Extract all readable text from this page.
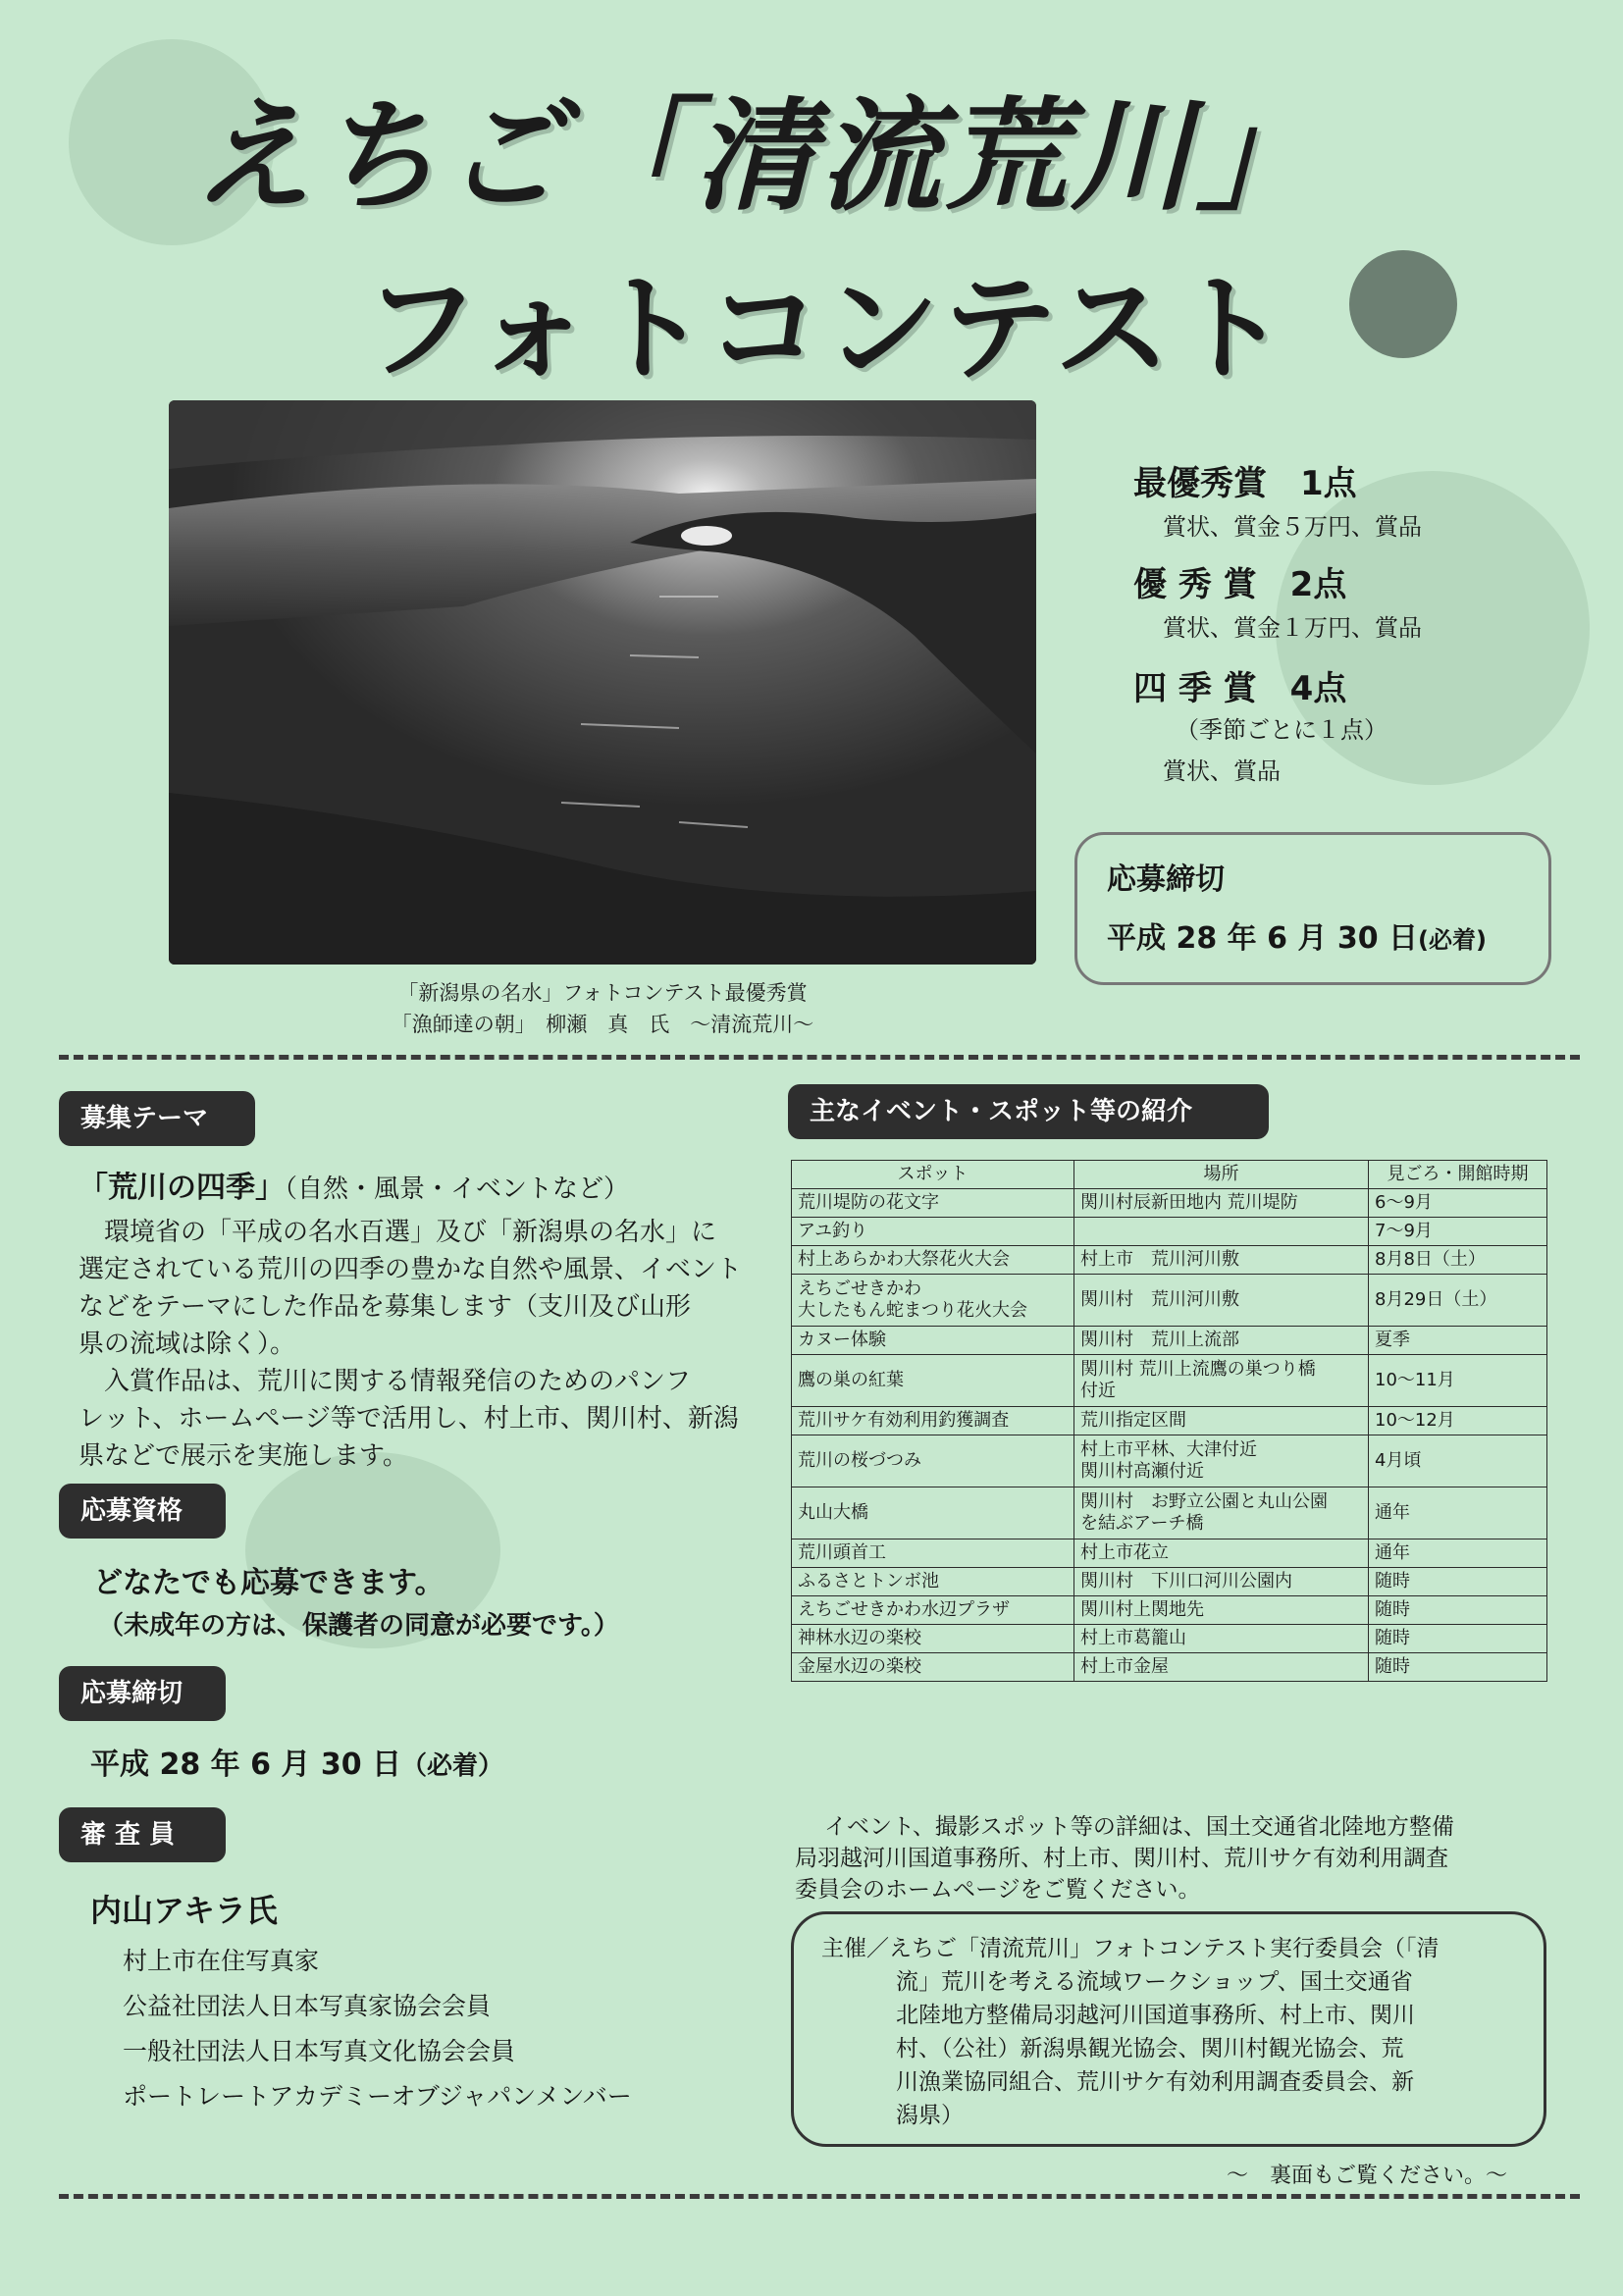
えちご「清流荒川」
フォトコンテスト
「新潟県の名水」フォトコンテスト最優秀賞
「漁師達の朝」　柳瀬　真　氏　～清流荒川～
最優秀賞　1点
賞状、賞金５万円、賞品
優 秀 賞　2点
賞状、賞金１万円、賞品
四 季 賞　4点
（季節ごとに１点）
賞状、賞品
応募締切
平成 28 年 6 月 30 日(必着)
募集テーマ
「荒川の四季」（自然・風景・イベントなど）
環境省の「平成の名水百選」及び「新潟県の名水」に
選定されている荒川の四季の豊かな自然や風景、イベント
などをテーマにした作品を募集します（支川及び山形
県の流域は除く）。
入賞作品は、荒川に関する情報発信のためのパンフ
レット、ホームページ等で活用し、村上市、関川村、新潟
県などで展示を実施します。
応募資格
どなたでも応募できます。
（未成年の方は、保護者の同意が必要です。）
応募締切
平成 28 年 6 月 30 日（必着）
審 査 員
内山アキラ氏
村上市在住写真家
公益社団法人日本写真家協会会員
一般社団法人日本写真文化協会会員
ポートレートアカデミーオブジャパンメンバー
主なイベント・スポット等の紹介
スポット	場所	見ごろ・開館時期

荒川堤防の花文字	関川村辰新田地内 荒川堤防	6～9月

アユ釣り		7～9月

村上あらかわ大祭花火大会	村上市　荒川河川敷	8月8日（土）

えちごせきかわ
大したもん蛇まつり花火大会	関川村　荒川河川敷	8月29日（土）

カヌー体験	関川村　荒川上流部	夏季

鷹の巣の紅葉	関川村 荒川上流鷹の巣つり橋
付近	10～11月

荒川サケ有効利用釣獲調査	荒川指定区間	10～12月

荒川の桜づつみ	村上市平林、大津付近
関川村高瀬付近	4月頃

丸山大橋	関川村　お野立公園と丸山公園
を結ぶアーチ橋	通年

荒川頭首工	村上市花立	通年

ふるさとトンボ池	関川村　下川口河川公園内	随時

えちごせきかわ水辺プラザ	関川村上関地先	随時

神林水辺の楽校	村上市葛籠山	随時

金屋水辺の楽校	村上市金屋	随時
イベント、撮影スポット等の詳細は、国土交通省北陸地方整備
局羽越河川国道事務所、村上市、関川村、荒川サケ有効利用調査
委員会のホームページをご覧ください。
主催／えちご「清流荒川」フォトコンテスト実行委員会（「清
流」荒川を考える流域ワークショップ、国土交通省
北陸地方整備局羽越河川国道事務所、村上市、関川
村、（公社）新潟県観光協会、関川村観光協会、荒
川漁業協同組合、荒川サケ有効利用調査委員会、新
潟県）
～　裏面もご覧ください。～
